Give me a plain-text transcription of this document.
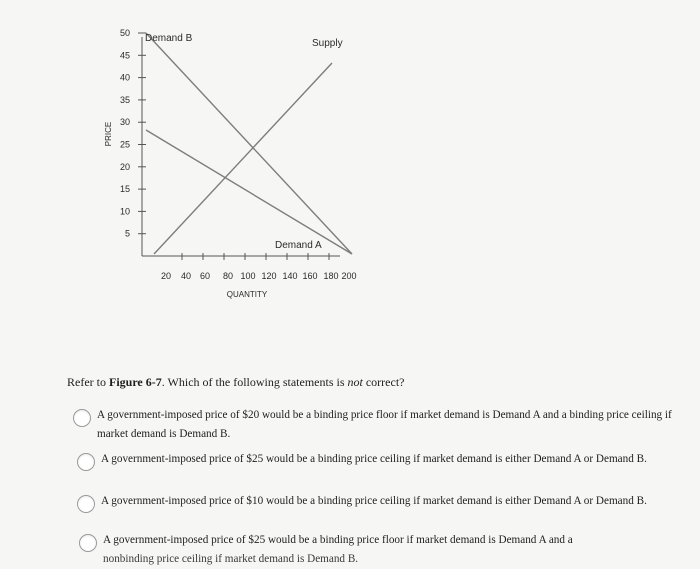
5
10
15
20
25
30
35
40
45
50
20 40 60 80 100 120 140 160 180 200
QUANTITY
PRICE
Demand B	Supply
Demand A
Refer to Figure 6-7. Which of the following statements is not correct?
A government-imposed price of $20 would be a binding price floor if market demand is Demand A and a binding price ceiling if market demand is Demand B.
A government-imposed price of $25 would be a binding price ceiling if market demand is either Demand A or Demand B.
A government-imposed price of $10 would be a binding price ceiling if market demand is either Demand A or Demand B.
A government-imposed price of $25 would be a binding price floor if market demand is Demand A and a
nonbinding price ceiling if market demand is Demand B.
